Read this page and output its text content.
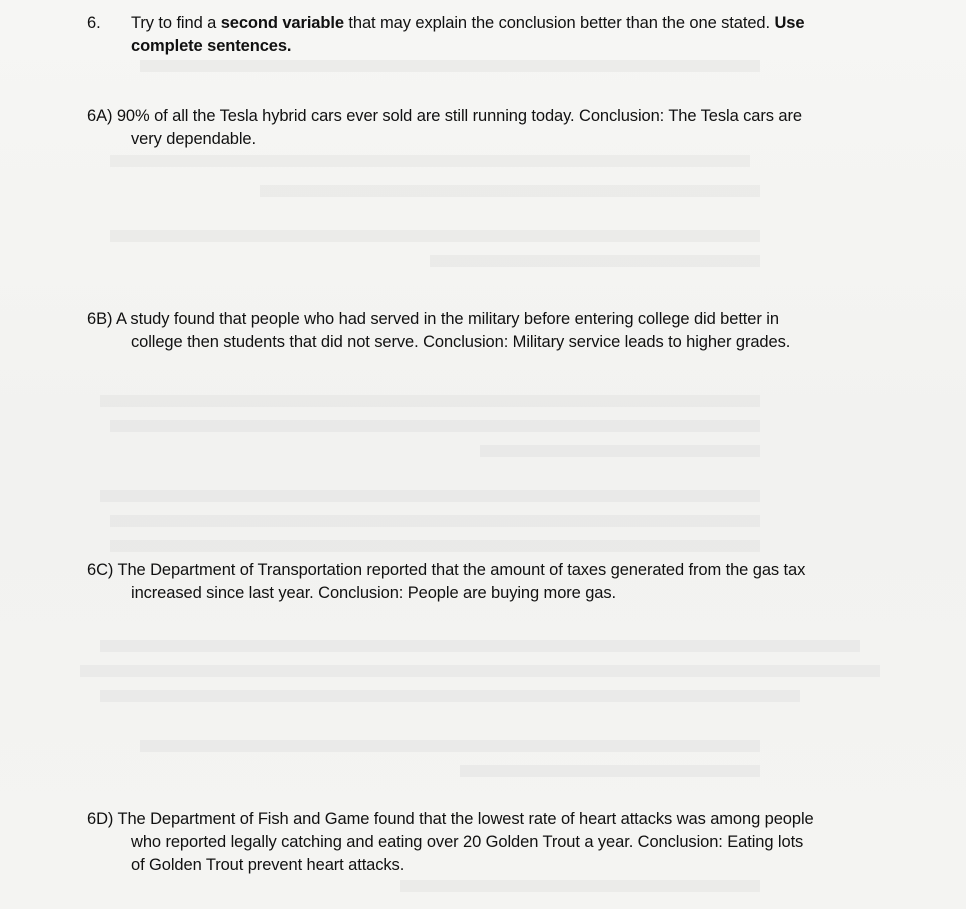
6.	Try to find a second variable that may explain the conclusion better than the one stated. Use
complete sentences.
6A) 90% of all the Tesla hybrid cars ever sold are still running today. Conclusion: The Tesla cars are
very dependable.
6B) A study found that people who had served in the military before entering college did better in
college then students that did not serve. Conclusion: Military service leads to higher grades.
6C) The Department of Transportation reported that the amount of taxes generated from the gas tax
increased since last year. Conclusion: People are buying more gas.
6D) The Department of Fish and Game found that the lowest rate of heart attacks was among people
who reported legally catching and eating over 20 Golden Trout a year. Conclusion: Eating lots
of Golden Trout prevent heart attacks.
